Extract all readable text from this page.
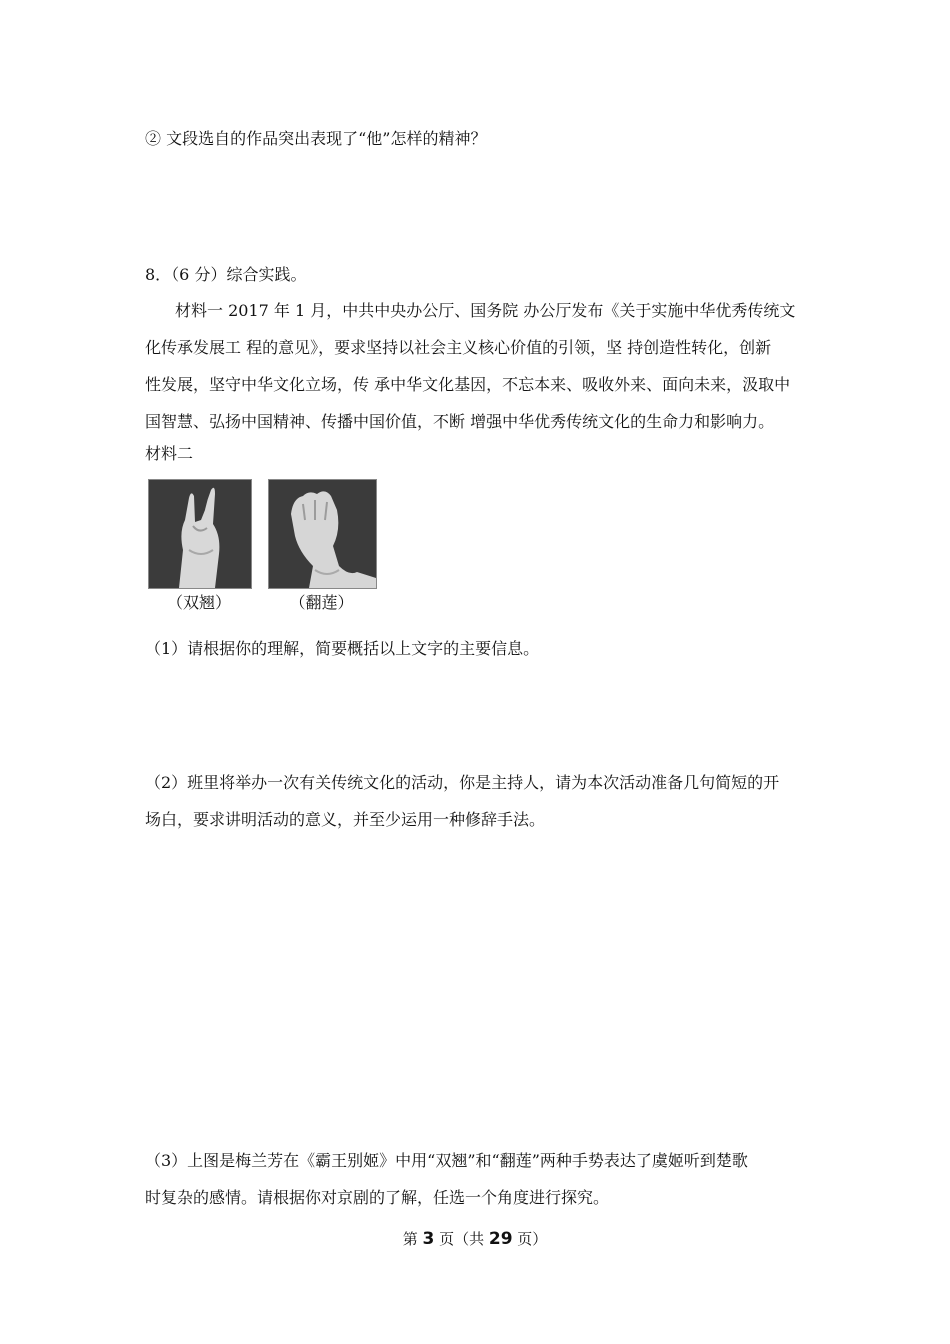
② 文段选自的作品突出表现了“他”怎样的精神？
8．（6 分）综合实践。

材料一 2017 年 1 月，中共中央办公厅、国务院 办公厅发布《关于实施中华优秀传统文

化传承发展工 程的意见》，要求坚持以社会主义核心价值的引领，坚 持创造性转化，创新

性发展，坚守中华文化立场，传 承中华文化基因，不忘本来、吸收外来、面向未来，汲取中

国智慧、弘扬中国精神、传播中国价值，不断 增强中华优秀传统文化的生命力和影响力。

材料二
（双翘）	（翻莲）
（1）请根据你的理解，简要概括以上文字的主要信息。

（2）班里将举办一次有关传统文化的活动，你是主持人，请为本次活动准备几句简短的开

场白，要求讲明活动的意义，并至少运用一种修辞手法。

（3）上图是梅兰芳在《霸王别姬》中用“双翘”和“翻莲”两种手势表达了虞姬听到楚歌

时复杂的感情。请根据你对京剧的了解，任选一个角度进行探究。

第 3 页（共 29 页）
